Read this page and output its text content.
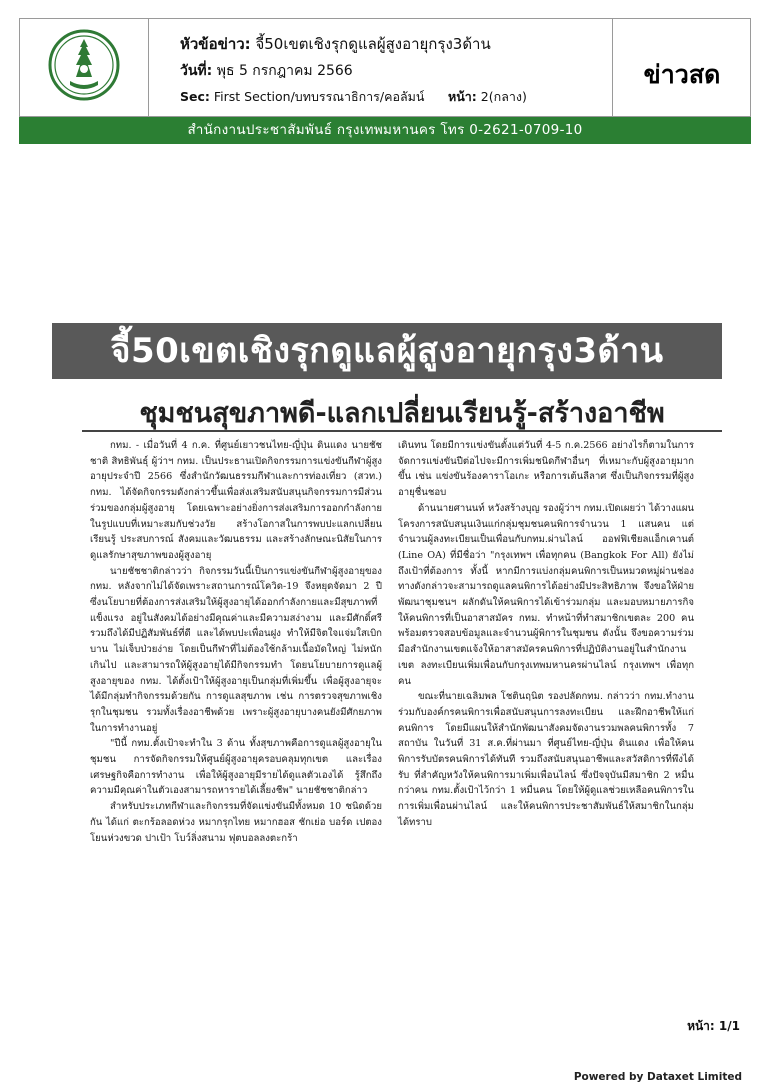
หัวข้อข่าว: จี้50เขตเชิงรุกดูแลผู้สูงอายุกรุง3ด้าน
วันที่: พุธ 5 กรกฎาคม 2566
Sec: First Section/บทบรรณาธิการ/คอลัมน์ หน้า: 2(กลาง)
ข่าวสด
สำนักงานประชาสัมพันธ์ กรุงเทพมหานคร โทร 0-2621-0709-10
จี้50เขตเชิงรุกดูแลผู้สูงอายุกรุง3ด้าน
ชุมชนสุขภาพดี-แลกเปลี่ยนเรียนรู้-สร้างอาชีพ

กทม. - เมื่อวันที่ 4 ก.ค. ที่ศูนย์เยาวชนไทย-ญี่ปุ่น ดินแดง นายชัชชาติ สิทธิพันธุ์ ผู้ว่าฯ กทม. เป็นประธานเปิดกิจกรรมการแข่งขันกีฬาผู้สูงอายุประจำปี 2566 ซึ่งสำนักวัฒนธรรมกีฬาและการท่องเที่ยว (สวท.) กทม. ได้จัดกิจกรรมดังกล่าวขึ้นเพื่อส่งเสริมสนับสนุนกิจกรรมการมีส่วนร่วมของกลุ่มผู้สูงอายุ โดยเฉพาะอย่างยิ่งการส่งเสริมการออกกำลังกายในรูปแบบที่เหมาะสมกับช่วงวัย สร้างโอกาสในการพบปะแลกเปลี่ยนเรียนรู้ ประสบการณ์ สังคมและวัฒนธรรม และสร้างลักษณะนิสัยในการดูแลรักษาสุขภาพของผู้สูงอายุ

นายชัชชาติกล่าวว่า กิจกรรมวันนี้เป็นการแข่งขันกีฬาผู้สูงอายุของ กทม. หลังจากไม่ได้จัดเพราะสถานการณ์โควิด-19 จึงหยุดจัดมา 2 ปี ซึ่งนโยบายที่ต้องการส่งเสริมให้ผู้สูงอายุได้ออกกำลังกายและมีสุขภาพที่แข็งแรง อยู่ในสังคมได้อย่างมีคุณค่าและมีความสง่างาม และมีศักดิ์ศรี รวมถึงได้มีปฏิสัมพันธ์ที่ดี และได้พบปะเพื่อนฝูง ทำให้มีจิตใจแจ่มใสเบิกบาน ไม่เจ็บป่วยง่าย โดยเป็นกีฬาที่ไม่ต้องใช้กล้ามเนื้อมัดใหญ่ ไม่หนักเกินไป และสามารถให้ผู้สูงอายุได้มีกิจกรรมทำ โดยนโยบายการดูแลผู้สูงอายุของ กทม. ได้ตั้งเป้าให้ผู้สูงอายุเป็นกลุ่มที่เพิ่มขึ้น เพื่อผู้สูงอายุจะได้มีกลุ่มทำกิจกรรมด้วยกัน การดูแลสุขภาพ เช่น การตรวจสุขภาพเชิงรุกในชุมชน รวมทั้งเรื่องอาชีพด้วย เพราะผู้สูงอายุบางคนยังมีศักยภาพในการทำงานอยู่

"ปีนี้ กทม.ตั้งเป้าจะทำใน 3 ด้าน ทั้งสุขภาพคือการดูแลผู้สูงอายุในชุมชน การจัดกิจกรรมให้ศูนย์ผู้สูงอายุครอบคลุมทุกเขต และเรื่องเศรษฐกิจคือการทำงาน เพื่อให้ผู้สูงอายุมีรายได้ดูแลตัวเองได้ รู้สึกถึงความมีคุณค่าในตัวเองสามารถหารายได้เลี้ยงชีพ" นายชัชชาติกล่าว

สำหรับประเภทกีฬาและกิจกรรมที่จัดแข่งขันมีทั้งหมด 10 ชนิดด้วยกัน ได้แก่ ตะกร้อลอดห่วง หมากรุกไทย หมากฮอส ชักเย่อ บอร์ด เปตอง โยนห่วงขวด ปาเป้า โบว์ลิ่งสนาม ฟุตบอลลงตะกร้า

เดินทน โดยมีการแข่งขันตั้งแต่วันที่ 4-5 ก.ค.2566 อย่างไรก็ตามในการจัดการแข่งขันปีต่อไปจะมีการเพิ่มชนิดกีฬาอื่นๆ ที่เหมาะกับผู้สูงอายุมากขึ้น เช่น แข่งขันร้องคาราโอเกะ หรือการเต้นลีลาศ ซึ่งเป็นกิจกรรมที่ผู้สูงอายุชื่นชอบ

ด้านนายศานนท์ หวังสร้างบุญ รองผู้ว่าฯ กทม.เปิดเผยว่า ได้วางแผนโครงการสนับสนุนเงินแก่กลุ่มชุมชนคนพิการจำนวน 1 แสนคน แต่จำนวนผู้ลงทะเบียนเป็นเพื่อนกับกทม.ผ่านไลน์ ออฟฟิเชียลแอ็กเคานต์ (Line OA) ที่มีชื่อว่า "กรุงเทพฯ เพื่อทุกคน (Bangkok For All) ยังไม่ถึงเป้าที่ต้องการ ทั้งนี้ หากมีการแบ่งกลุ่มคนพิการเป็นหมวดหมู่ผ่านช่องทางดังกล่าวจะสามารถดูแลคนพิการได้อย่างมีประสิทธิภาพ จึงขอให้ฝ่ายพัฒนาชุมชนฯ ผลักดันให้คนพิการได้เข้าร่วมกลุ่ม และมอบหมายภารกิจให้คนพิการที่เป็นอาสาสมัคร กทม. ทำหน้าที่ทำสมาชิกเขตละ 200 คน พร้อมตรวจสอบข้อมูลและจำนวนผู้พิการในชุมชน ดังนั้น จึงขอความร่วมมือสำนักงานเขตแจ้งให้อาสาสมัครคนพิการที่ปฏิบัติงานอยู่ในสำนักงานเขต ลงทะเบียนเพิ่มเพื่อนกับกรุงเทพมหานครผ่านไลน์ กรุงเทพฯ เพื่อทุกคน

ขณะที่นายเฉลิมพล โชตินฤนิต รองปลัดกทม. กล่าวว่า กทม.ทำงานร่วมกับองค์กรคนพิการเพื่อสนับสนุนการลงทะเบียน และฝึกอาชีพให้แก่คนพิการ โดยมีแผนให้สำนักพัฒนาสังคมจัดงานรวมพลคนพิการทั้ง 7 สถาบัน ในวันที่ 31 ส.ค.ที่ผ่านมา ที่ศูนย์ไทย-ญี่ปุ่น ดินแดง เพื่อให้คนพิการรับบัตรคนพิการได้ทันที รวมถึงสนับสนุนอาชีพและสวัสดิการที่พึงได้รับ ที่สำคัญหวังให้คนพิการมาเพิ่มเพื่อนไลน์ ซึ่งปัจจุบันมีสมาชิก 2 หมื่นกว่าคน กทม.ตั้งเป้าไว้กว่า 1 หมื่นคน โดยให้ผู้ดูแลช่วยเหลือคนพิการในการเพิ่มเพื่อนผ่านไลน์ และให้คนพิการประชาสัมพันธ์ให้สมาชิกในกลุ่มได้ทราบ

หน้า: 1/1
Powered by Dataxet Limited
